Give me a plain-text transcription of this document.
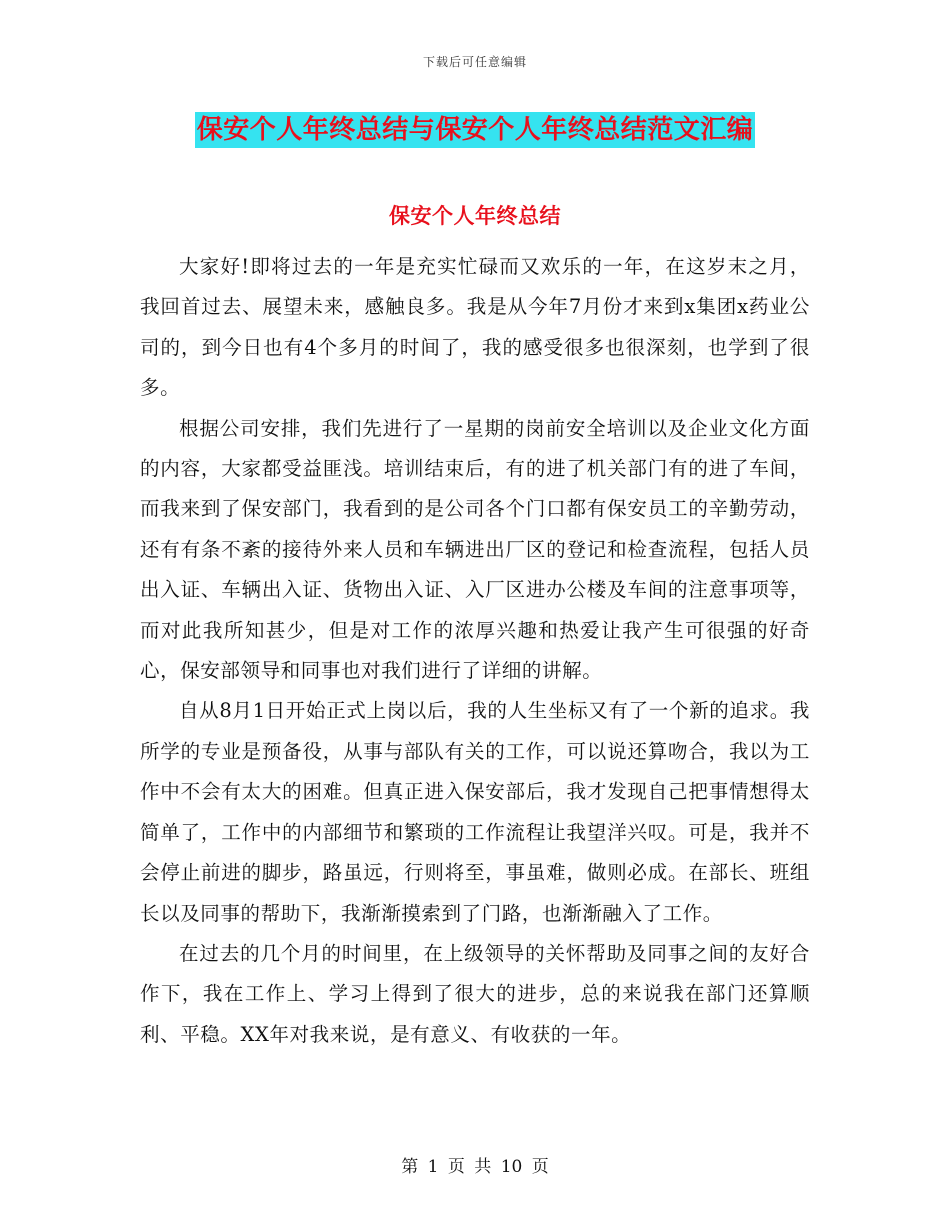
下载后可任意编辑
保安个人年终总结与保安个人年终总结范文汇编
保安个人年终总结

大家好!即将过去的一年是充实忙碌而又欢乐的一年，在这岁末之月，我回首过去、展望未来，感触良多。我是从今年7月份才来到x集团x药业公司的，到今日也有4个多月的时间了，我的感受很多也很深刻，也学到了很多。

根据公司安排，我们先进行了一星期的岗前安全培训以及企业文化方面的内容，大家都受益匪浅。培训结束后，有的进了机关部门有的进了车间，而我来到了保安部门，我看到的是公司各个门口都有保安员工的辛勤劳动，还有有条不紊的接待外来人员和车辆进出厂区的登记和检查流程，包括人员出入证、车辆出入证、货物出入证、入厂区进办公楼及车间的注意事项等，而对此我所知甚少，但是对工作的浓厚兴趣和热爱让我产生可很强的好奇心，保安部领导和同事也对我们进行了详细的讲解。

自从8月1日开始正式上岗以后，我的人生坐标又有了一个新的追求。我所学的专业是预备役，从事与部队有关的工作，可以说还算吻合，我以为工作中不会有太大的困难。但真正进入保安部后，我才发现自己把事情想得太简单了，工作中的内部细节和繁琐的工作流程让我望洋兴叹。可是，我并不会停止前进的脚步，路虽远，行则将至，事虽难，做则必成。在部长、班组长以及同事的帮助下，我渐渐摸索到了门路，也渐渐融入了工作。

在过去的几个月的时间里，在上级领导的关怀帮助及同事之间的友好合作下，我在工作上、学习上得到了很大的进步，总的来说我在部门还算顺利、平稳。XX年对我来说，是有意义、有收获的一年。

第 1 页 共 10 页
